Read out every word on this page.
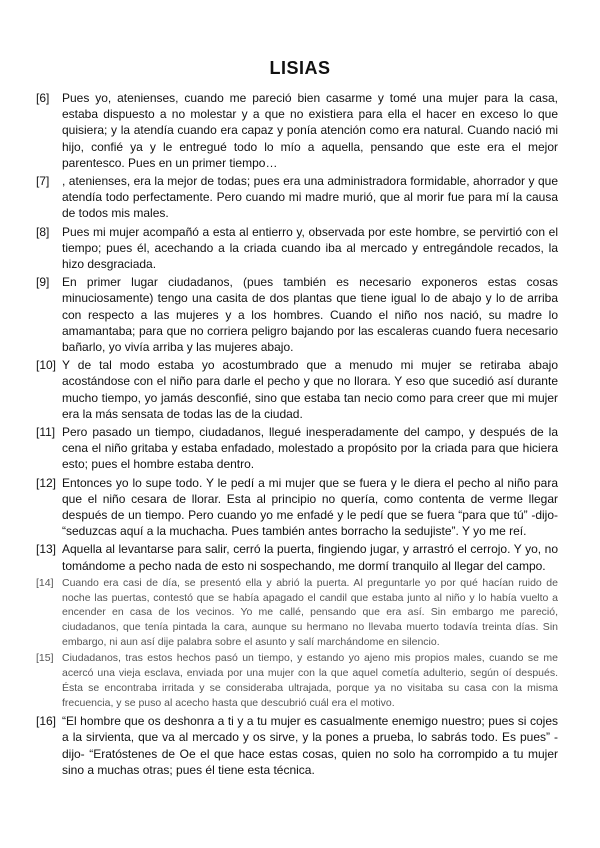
LISIAS
[6]	Pues yo, atenienses, cuando me pareció bien casarme y tomé una mujer para la casa, estaba dispuesto a no molestar y a que no existiera para ella el hacer en exceso lo que quisiera; y la atendía cuando era capaz y ponía atención como era natural. Cuando nació mi hijo, confié ya y le entregué todo lo mío a aquella, pensando que este era el mejor parentesco. Pues en un primer tiempo…
[7]	, atenienses, era la mejor de todas; pues era una administradora formidable, ahorrador y que atendía todo perfectamente. Pero cuando mi madre murió, que al morir fue para mí la causa de todos mis males.
[8]	Pues mi mujer acompañó a esta al entierro y, observada por este hombre, se pervirtió con el tiempo; pues él, acechando a la criada cuando iba al mercado y entregándole recados, la hizo desgraciada.
[9]	En primer lugar ciudadanos, (pues también es necesario exponeros estas cosas minuciosamente) tengo una casita de dos plantas que tiene igual lo de abajo y lo de arriba con respecto a las mujeres y a los hombres. Cuando el niño nos nació, su madre lo amamantaba; para que no corriera peligro bajando por las escaleras cuando fuera necesario bañarlo, yo vivía arriba y las mujeres abajo.
[10] Y de tal modo estaba yo acostumbrado que a menudo mi mujer se retiraba abajo acostándose con el niño para darle el pecho y que no llorara. Y eso que sucedió así durante mucho tiempo, yo jamás desconfié, sino que estaba tan necio como para creer que mi mujer era la más sensata de todas las de la ciudad.
[11] Pero pasado un tiempo, ciudadanos, llegué inesperadamente del campo, y después de la cena el niño gritaba y estaba enfadado, molestado a propósito por la criada para que hiciera esto; pues el hombre estaba dentro.
[12] Entonces yo lo supe todo. Y le pedí a mi mujer que se fuera y le diera el pecho al niño para que el niño cesara de llorar. Esta al principio no quería, como contenta de verme llegar después de un tiempo. Pero cuando yo me enfadé y le pedí que se fuera “para que tú” -dijo- “seduzcas aquí a la muchacha. Pues también antes borracho la sedujiste”. Y yo me reí.
[13] Aquella al levantarse para salir, cerró la puerta, fingiendo jugar, y arrastró el cerrojo. Y yo, no tomándome a pecho nada de esto ni sospechando, me dormí tranquilo al llegar del campo.
[14] Cuando era casi de día, se presentó ella y abrió la puerta. Al preguntarle yo por qué hacían ruido de noche las puertas, contestó que se había apagado el candil que estaba junto al niño y lo había vuelto a encender en casa de los vecinos. Yo me callé, pensando que era así. Sin embargo me pareció, ciudadanos, que tenía pintada la cara, aunque su hermano no llevaba muerto todavía treinta días. Sin embargo, ni aun así dije palabra sobre el asunto y salí marchándome en silencio.
[15] Ciudadanos, tras estos hechos pasó un tiempo, y estando yo ajeno mis propios males, cuando se me acercó una vieja esclava, enviada por una mujer con la que aquel cometía adulterio, según oí después. Ésta se encontraba irritada y se consideraba ultrajada, porque ya no visitaba su casa con la misma frecuencia, y se puso al acecho hasta que descubrió cuál era el motivo.
[16] “El hombre que os deshonra a ti y a tu mujer es casualmente enemigo nuestro; pues si cojes a la sirvienta, que va al mercado y os sirve, y la pones a prueba, lo sabrás todo. Es pues” -dijo- “Eratóstenes de Oe el que hace estas cosas, quien no solo ha corrompido a tu mujer sino a muchas otras; pues él tiene esta técnica.
